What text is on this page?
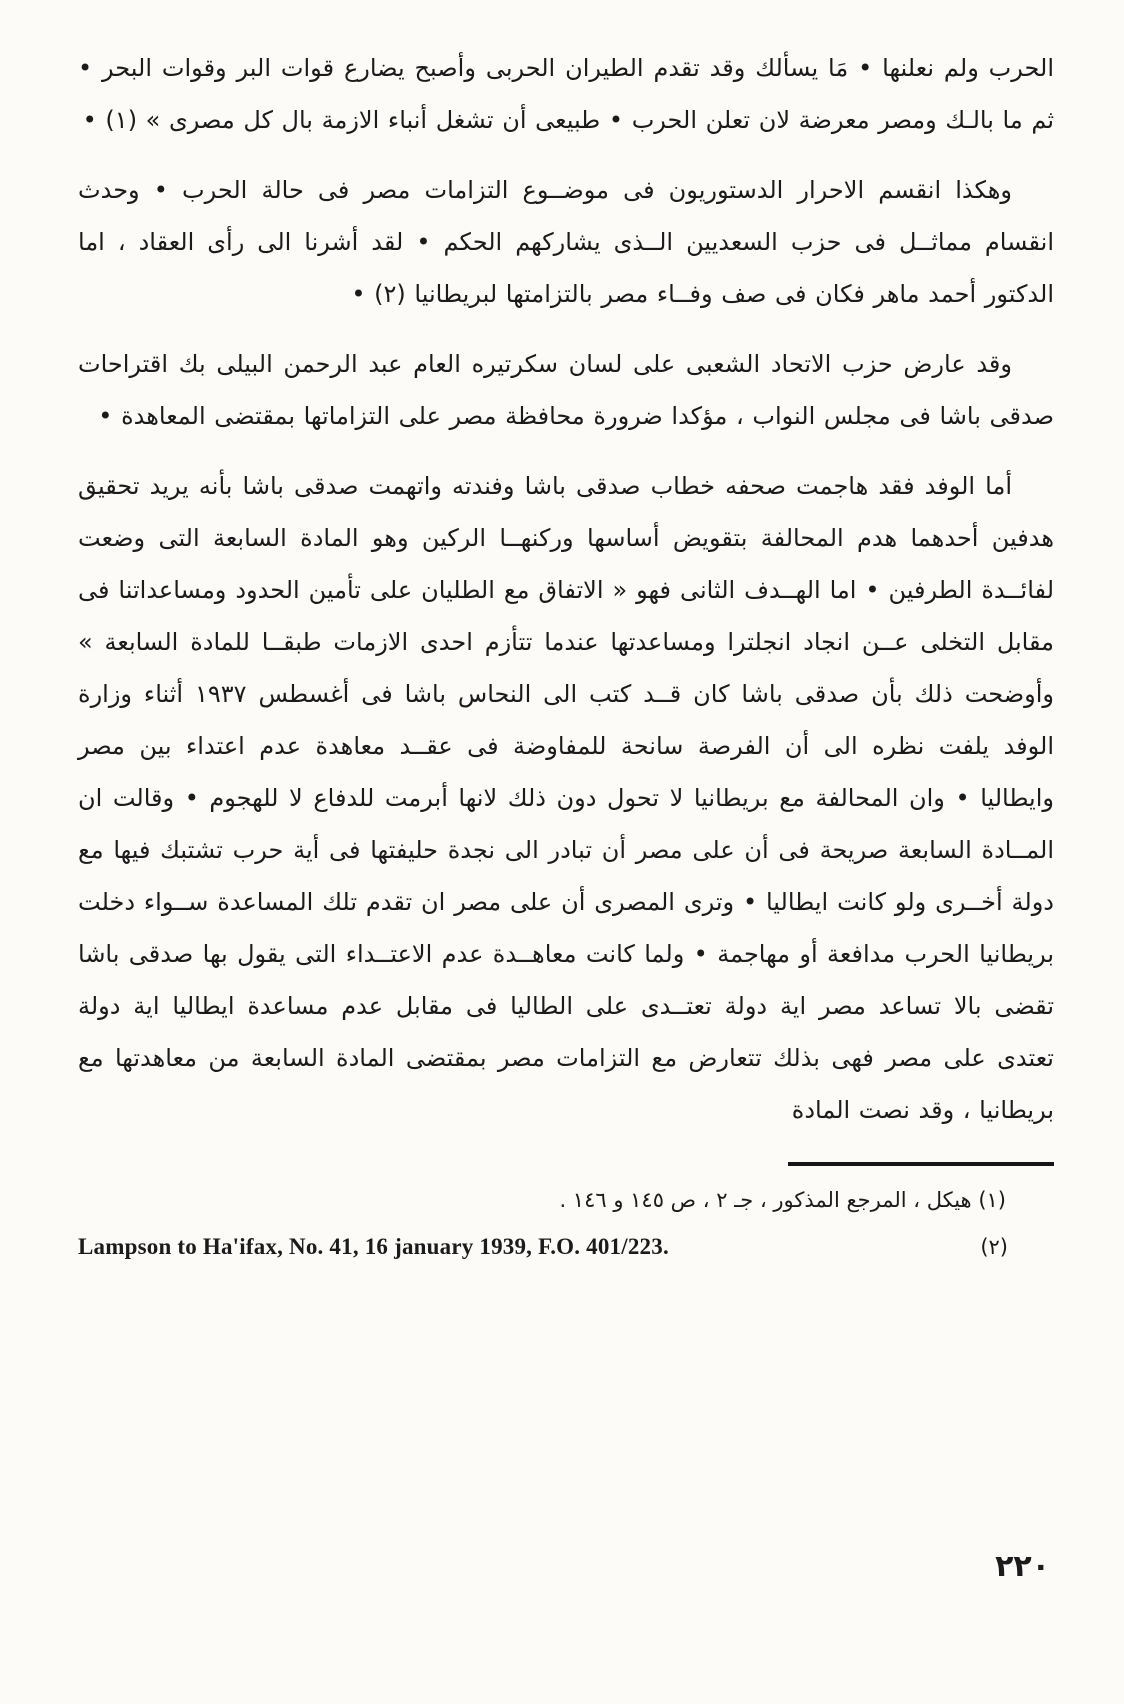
الحرب ولم نعلنها • مَا يسألك وقد تقدم الطيران الحربى وأصبح يضارع قوات البر وقوات البحر • ثم ما بالـك ومصر معرضة لان تعلن الحرب • طبيعى أن تشغل أنباء الازمة بال كل مصرى » (١) •

وهكذا انقسم الاحرار الدستوريون فى موضــوع التزامات مصر فى حالة الحرب • وحدث انقسام مماثــل فى حزب السعديين الــذى يشاركهم الحكم • لقد أشرنا الى رأى العقاد ، اما الدكتور أحمد ماهر فكان فى صف وفــاء مصر بالتزامتها لبريطانيا (٢) •

وقد عارض حزب الاتحاد الشعبى على لسان سكرتيره العام عبد الرحمن البيلى بك اقتراحات صدقى باشا فى مجلس النواب ، مؤكدا ضرورة محافظة مصر على التزاماتها بمقتضى المعاهدة •

أما الوفد فقد هاجمت صحفه خطاب صدقى باشا وفندته واتهمت صدقى باشا بأنه يريد تحقيق هدفين أحدهما هدم المحالفة بتقويض أساسها وركنهــا الركين وهو المادة السابعة التى وضعت لفائــدة الطرفين • اما الهــدف الثانى فهو « الاتفاق مع الطليان على تأمين الحدود ومساعداتنا فى مقابل التخلى عــن انجاد انجلترا ومساعدتها عندما تتأزم احدى الازمات طبقــا للمادة السابعة » وأوضحت ذلك بأن صدقى باشا كان قــد كتب الى النحاس باشا فى أغسطس ١٩٣٧ أثناء وزارة الوفد يلفت نظره الى أن الفرصة سانحة للمفاوضة فى عقــد معاهدة عدم اعتداء بين مصر وايطاليا • وان المحالفة مع بريطانيا لا تحول دون ذلك لانها أبرمت للدفاع لا للهجوم • وقالت ان المــادة السابعة صريحة فى أن على مصر أن تبادر الى نجدة حليفتها فى أية حرب تشتبك فيها مع دولة أخــرى ولو كانت ايطاليا • وترى المصرى أن على مصر ان تقدم تلك المساعدة ســواء دخلت بريطانيا الحرب مدافعة أو مهاجمة • ولما كانت معاهــدة عدم الاعتــداء التى يقول بها صدقى باشا تقضى بالا تساعد مصر اية دولة تعتــدى على الطاليا فى مقابل عدم مساعدة ايطاليا اية دولة تعتدى على مصر فهى بذلك تتعارض مع التزامات مصر بمقتضى المادة السابعة من معاهدتها مع بريطانيا ، وقد نصت المادة

(١) هيكل ، المرجع المذكور ، جـ ٢ ، ص ١٤٥ و ١٤٦ .
Lampson to Ha'ifax, No. 41, 16 january 1939, F.O. 401/223.	(٢)
٢٢٠
